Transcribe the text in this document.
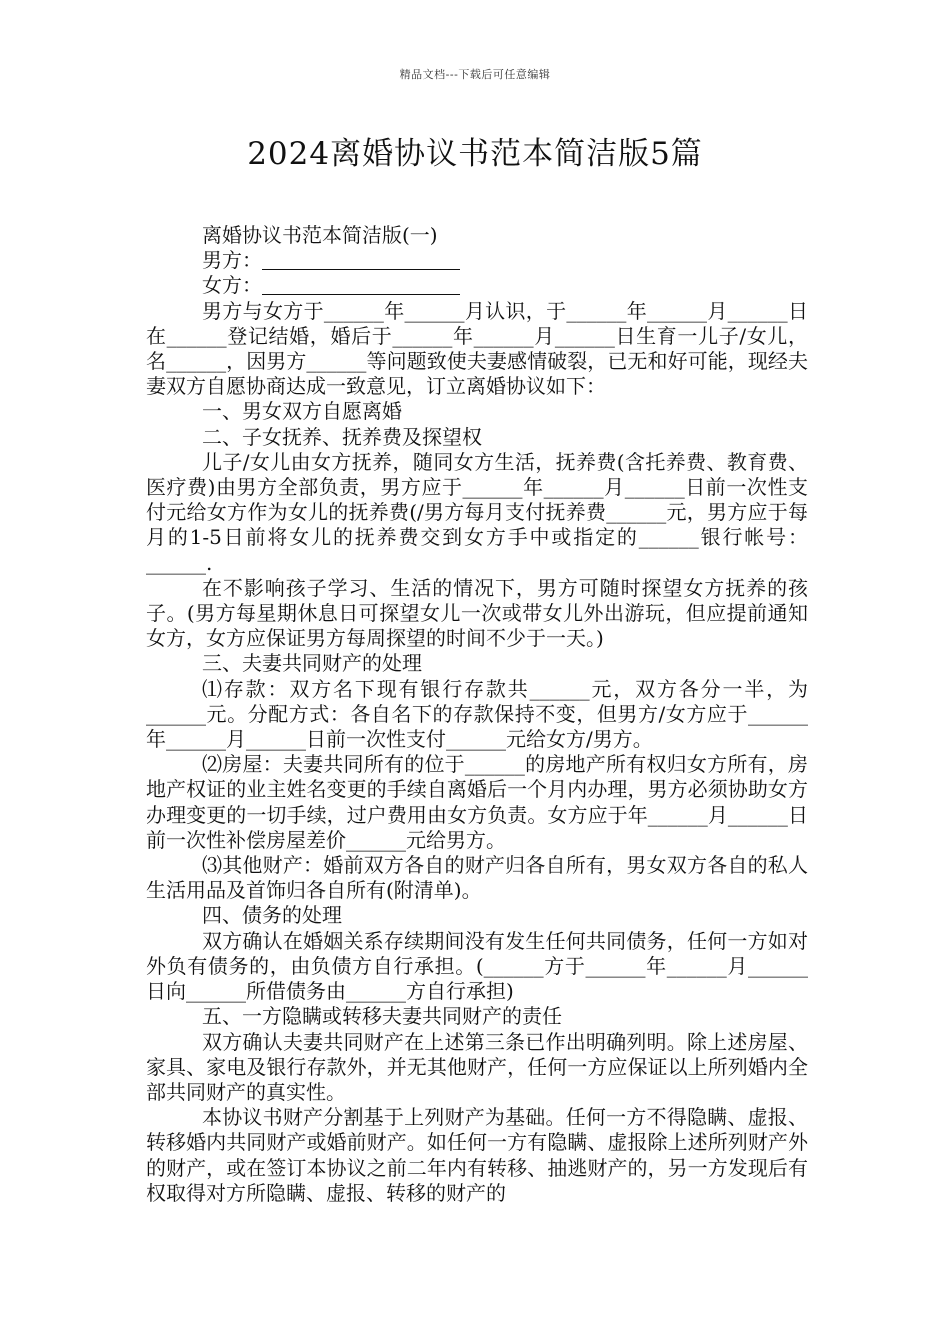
精品文档---下载后可任意编辑
2024离婚协议书范本简洁版5篇

离婚协议书范本简洁版(一)

男方：
女方：

男方与女方于______年______月认识，于______年______月______日在______登记结婚，婚后于______年______月______日生育一儿子/女儿，名______，因男方______等问题致使夫妻感情破裂，已无和好可能，现经夫妻双方自愿协商达成一致意见，订立离婚协议如下：

一、男女双方自愿离婚

二、子女抚养、抚养费及探望权

儿子/女儿由女方抚养，随同女方生活，抚养费(含托养费、教育费、医疗费)由男方全部负责，男方应于______年______月______日前一次性支付元给女方作为女儿的抚养费(/男方每月支付抚养费______元，男方应于每月的1-5日前将女儿的抚养费交到女方手中或指定的______银行帐号：______.

在不影响孩子学习、生活的情况下，男方可随时探望女方抚养的孩子。(男方每星期休息日可探望女儿一次或带女儿外出游玩，但应提前通知女方，女方应保证男方每周探望的时间不少于一天。)

三、夫妻共同财产的处理

⑴存款：双方名下现有银行存款共______元，双方各分一半，为______元。分配方式：各自名下的存款保持不变，但男方/女方应于______年______月______日前一次性支付______元给女方/男方。

⑵房屋：夫妻共同所有的位于______的房地产所有权归女方所有，房地产权证的业主姓名变更的手续自离婚后一个月内办理，男方必须协助女方办理变更的一切手续，过户费用由女方负责。女方应于年______月______日前一次性补偿房屋差价______元给男方。

⑶其他财产：婚前双方各自的财产归各自所有，男女双方各自的私人生活用品及首饰归各自所有(附清单)。

四、债务的处理

双方确认在婚姻关系存续期间没有发生任何共同债务，任何一方如对外负有债务的，由负债方自行承担。(______方于______年______月______日向______所借债务由______方自行承担)

五、一方隐瞒或转移夫妻共同财产的责任

双方确认夫妻共同财产在上述第三条已作出明确列明。除上述房屋、家具、家电及银行存款外，并无其他财产，任何一方应保证以上所列婚内全部共同财产的真实性。

本协议书财产分割基于上列财产为基础。任何一方不得隐瞒、虚报、转移婚内共同财产或婚前财产。如任何一方有隐瞒、虚报除上述所列财产外的财产，或在签订本协议之前二年内有转移、抽逃财产的，另一方发现后有权取得对方所隐瞒、虚报、转移的财产的
